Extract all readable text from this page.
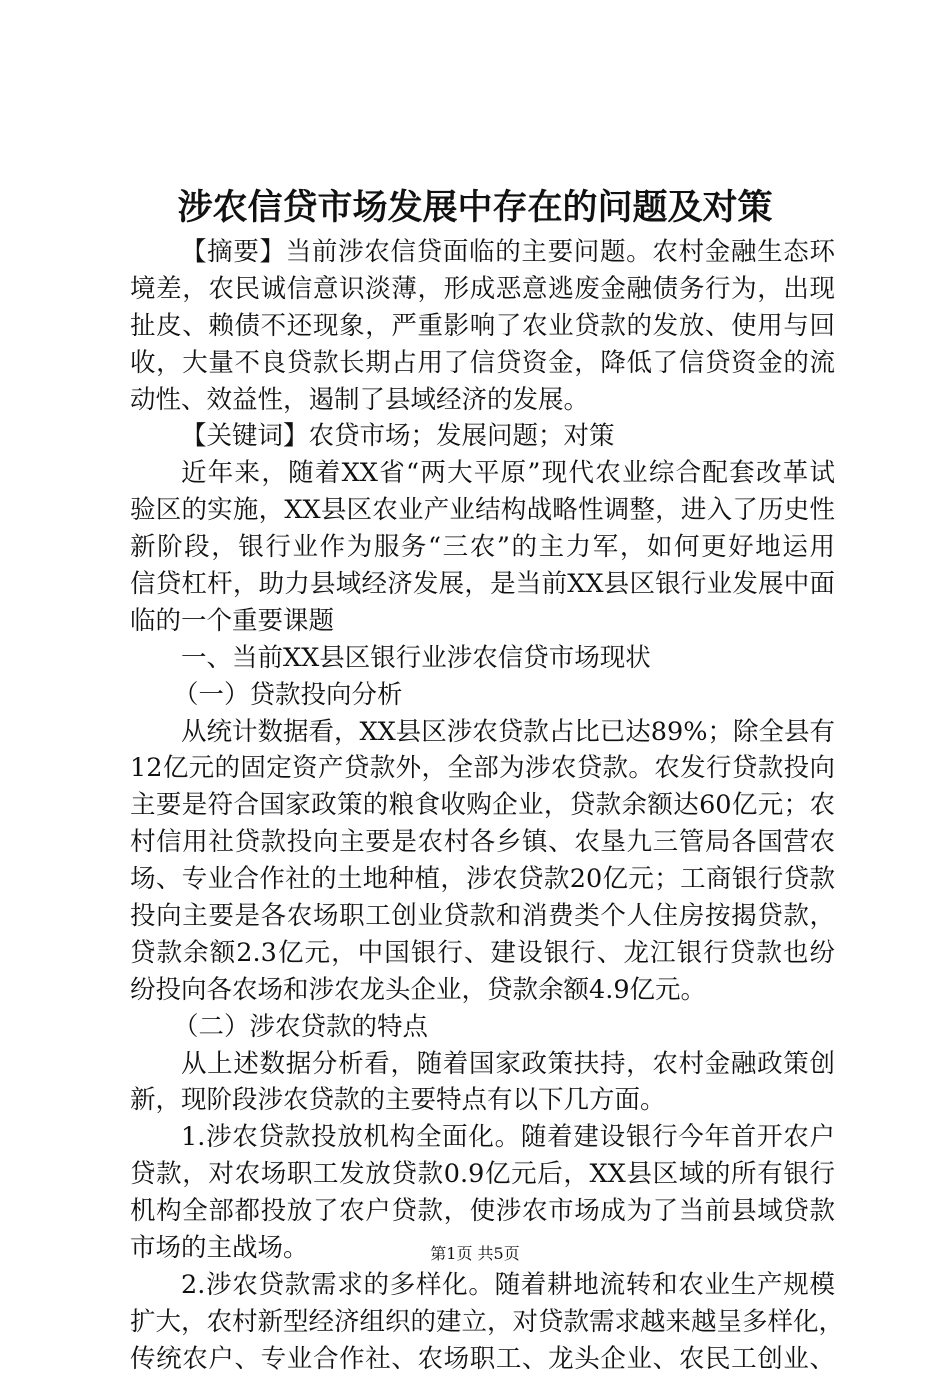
涉农信贷市场发展中存在的问题及对策
【摘要】当前涉农信贷面临的主要问题。农村金融生态环
境差，农民诚信意识淡薄，形成恶意逃废金融债务行为，出现
扯皮、赖债不还现象，严重影响了农业贷款的发放、使用与回
收，大量不良贷款长期占用了信贷资金，降低了信贷资金的流
动性、效益性，遏制了县域经济的发展。
【关键词】农贷市场；发展问题；对策
近年来，随着XX省“两大平原”现代农业综合配套改革试
验区的实施，XX县区农业产业结构战略性调整，进入了历史性
新阶段，银行业作为服务“三农”的主力军，如何更好地运用
信贷杠杆，助力县域经济发展，是当前XX县区银行业发展中面
临的一个重要课题
一、当前XX县区银行业涉农信贷市场现状
（一）贷款投向分析
从统计数据看，XX县区涉农贷款占比已达89%；除全县有
12亿元的固定资产贷款外，全部为涉农贷款。农发行贷款投向
主要是符合国家政策的粮食收购企业，贷款余额达60亿元；农
村信用社贷款投向主要是农村各乡镇、农垦九三管局各国营农
场、专业合作社的土地种植，涉农贷款20亿元；工商银行贷款
投向主要是各农场职工创业贷款和消费类个人住房按揭贷款，
贷款余额2.3亿元，中国银行、建设银行、龙江银行贷款也纷
纷投向各农场和涉农龙头企业，贷款余额4.9亿元。
（二）涉农贷款的特点
从上述数据分析看，随着国家政策扶持，农村金融政策创
新，现阶段涉农贷款的主要特点有以下几方面。
1.涉农贷款投放机构全面化。随着建设银行今年首开农户
贷款，对农场职工发放贷款0.9亿元后，XX县区域的所有银行
机构全部都投放了农户贷款，使涉农市场成为了当前县域贷款
市场的主战场。
2.涉农贷款需求的多样化。随着耕地流转和农业生产规模
扩大，农村新型经济组织的建立，对贷款需求越来越呈多样化，
传统农户、专业合作社、农场职工、龙头企业、农民工创业、
第1页 共5页
